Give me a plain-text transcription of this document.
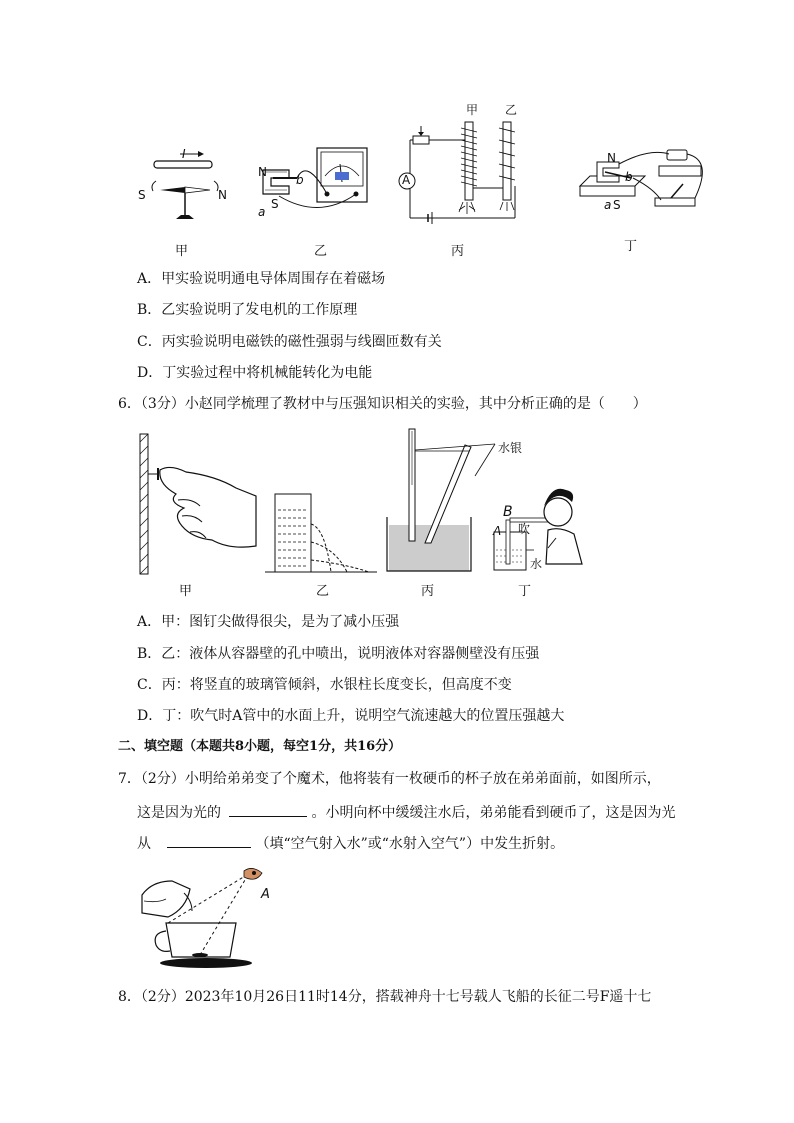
I
S	N
N
b
a
S
A
甲 乙
N
b
a S
甲	乙	丙	丁
A．甲实验说明通电导体周围存在着磁场
B．乙实验说明了发电机的工作原理
C．丙实验说明电磁铁的磁性强弱与线圈匝数有关
D．丁实验过程中将机械能转化为电能
6．（3分）小赵同学梳理了教材中与压强知识相关的实验，其中分析正确的是（　　）
水银
B
A 吹
水
甲	乙	丙	丁
A．甲：图钉尖做得很尖，是为了减小压强
B．乙：液体从容器壁的孔中喷出，说明液体对容器侧壁没有压强
C．丙：将竖直的玻璃管倾斜，水银柱长度变长，但高度不变
D．丁：吹气时A管中的水面上升，说明空气流速越大的位置压强越大
二、填空题（本题共8小题，每空1分，共16分）
7．（2分）小明给弟弟变了个魔术，他将装有一枚硬币的杯子放在弟弟面前，如图所示，
这是因为光的	。小明向杯中缓缓注水后，弟弟能看到硬币了，这是因为光
从	（填“空气射入水”或“水射入空气”）中发生折射。
A
8．（2分）2023年10月26日11时14分，搭载神舟十七号载人飞船的长征二号F遥十七
